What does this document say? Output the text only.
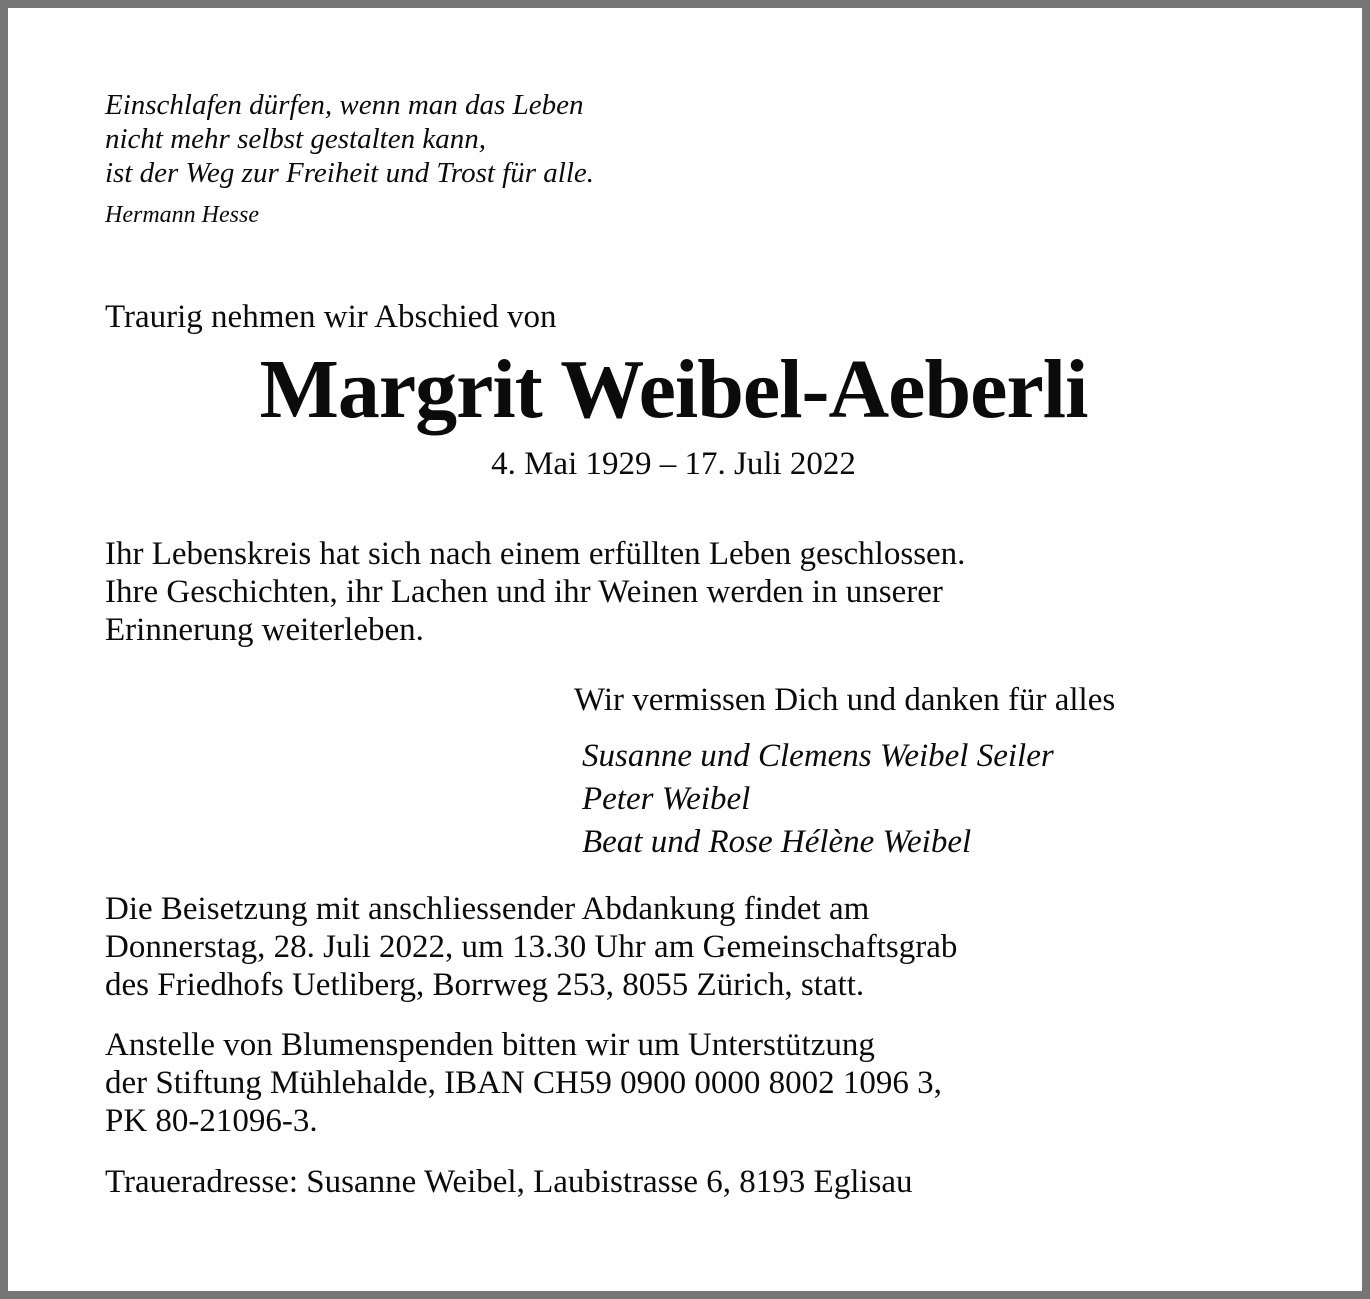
Einschlafen dürfen, wenn man das Leben
nicht mehr selbst gestalten kann,
ist der Weg zur Freiheit und Trost für alle.
Hermann Hesse
Traurig nehmen wir Abschied von
Margrit Weibel-Aeberli
4. Mai 1929 – 17. Juli 2022
Ihr Lebenskreis hat sich nach einem erfüllten Leben geschlossen.
Ihre Geschichten, ihr Lachen und ihr Weinen werden in unserer
Erinnerung weiterleben.
Wir vermissen Dich und danken für alles
Susanne und Clemens Weibel Seiler
Peter Weibel
Beat und Rose Hélène Weibel
Die Beisetzung mit anschliessender Abdankung findet am
Donnerstag, 28. Juli 2022, um 13.30 Uhr am Gemeinschaftsgrab
des Friedhofs Uetliberg, Borrweg 253, 8055 Zürich, statt.
Anstelle von Blumenspenden bitten wir um Unterstützung
der Stiftung Mühlehalde, IBAN CH59 0900 0000 8002 1096 3,
PK 80-21096-3.
Traueradresse: Susanne Weibel, Laubistrasse 6, 8193 Eglisau
